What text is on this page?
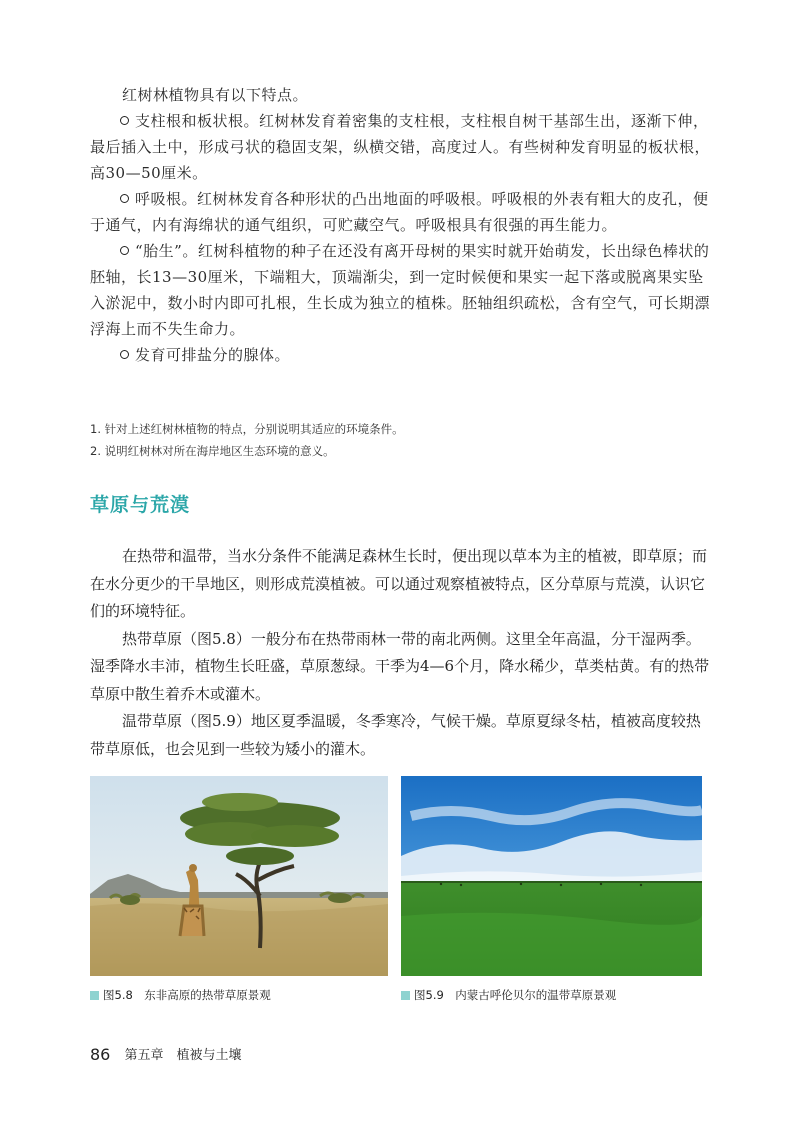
红树林植物具有以下特点。

支柱根和板状根。红树林发育着密集的支柱根，支柱根自树干基部生出，逐渐下伸，最后插入土中，形成弓状的稳固支架，纵横交错，高度过人。有些树种发育明显的板状根，高30—50厘米。

呼吸根。红树林发育各种形状的凸出地面的呼吸根。呼吸根的外表有粗大的皮孔，便于通气，内有海绵状的通气组织，可贮藏空气。呼吸根具有很强的再生能力。

“胎生”。红树科植物的种子在还没有离开母树的果实时就开始萌发，长出绿色棒状的胚轴，长13—30厘米，下端粗大，顶端渐尖，到一定时候便和果实一起下落或脱离果实坠入淤泥中，数小时内即可扎根，生长成为独立的植株。胚轴组织疏松，含有空气，可长期漂浮海上而不失生命力。

发育可排盐分的腺体。

1. 针对上述红树林植物的特点，分别说明其适应的环境条件。

2. 说明红树林对所在海岸地区生态环境的意义。

草原与荒漠

在热带和温带，当水分条件不能满足森林生长时，便出现以草本为主的植被，即草原；而在水分更少的干旱地区，则形成荒漠植被。可以通过观察植被特点，区分草原与荒漠，认识它们的环境特征。

热带草原（图5.8）一般分布在热带雨林一带的南北两侧。这里全年高温，分干湿两季。湿季降水丰沛，植物生长旺盛，草原葱绿。干季为4—6个月，降水稀少，草类枯黄。有的热带草原中散生着乔木或灌木。

温带草原（图5.9）地区夏季温暖，冬季寒冷，气候干燥。草原夏绿冬枯，植被高度较热带草原低，也会见到一些较为矮小的灌木。

图5.8　东非高原的热带草原景观	图5.9　内蒙古呼伦贝尔的温带草原景观
86 第五章　植被与土壤
